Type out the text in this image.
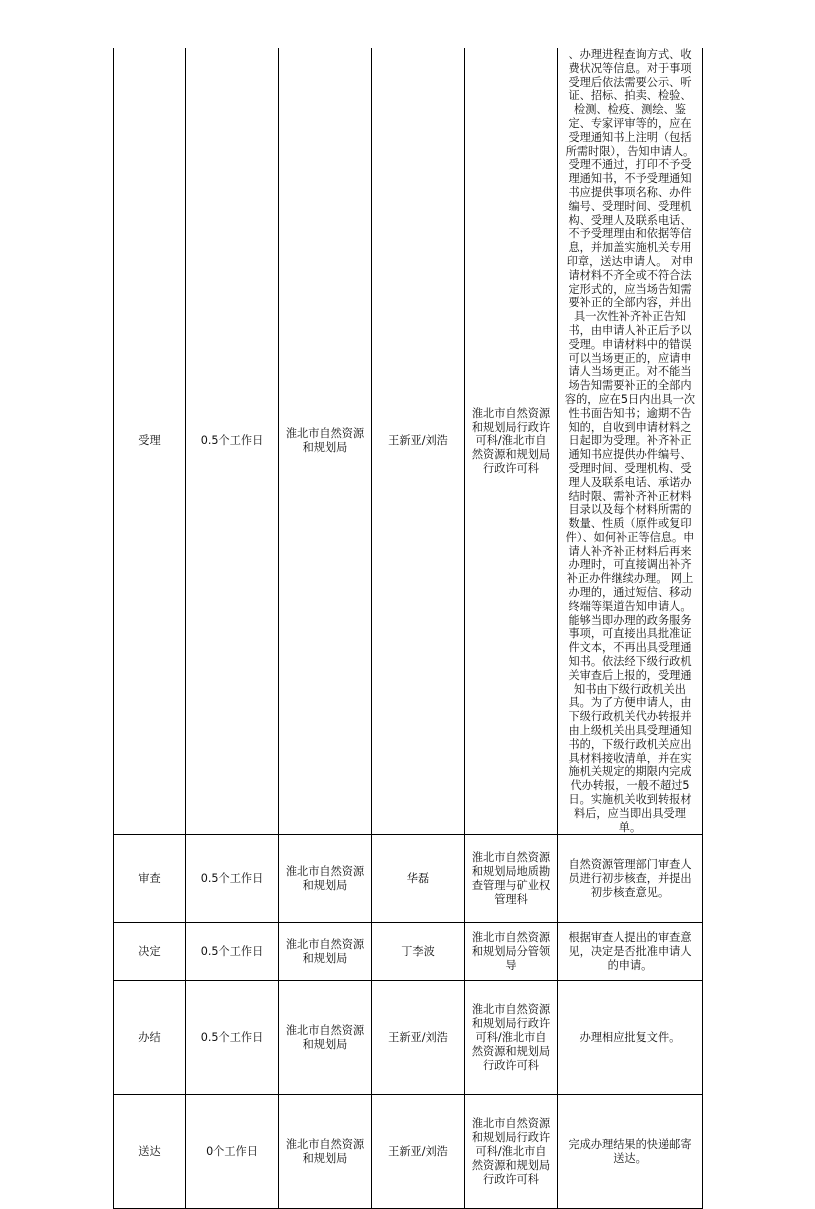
受理	0.5个工作日	淮北市自然资源和规划局	王新亚/刘浩	淮北市自然资源和规划局行政许可科/淮北市自然资源和规划局行政许可科	、办理进程查询方式、收费状况等信息。对于事项受理后依法需要公示、听证、招标、拍卖、检验、检测、检疫、测绘、鉴定、专家评审等的，应在受理通知书上注明（包括所需时限），告知申请人。 受理不通过，打印不予受理通知书，不予受理通知书应提供事项名称、办件编号、受理时间、受理机构、受理人及联系电话、不予受理理由和依据等信息，并加盖实施机关专用印章，送达申请人。 对申请材料不齐全或不符合法定形式的，应当场告知需要补正的全部内容，并出具一次性补齐补正告知书，由申请人补正后予以受理。申请材料中的错误可以当场更正的，应请申请人当场更正。对不能当场告知需要补正的全部内容的，应在5日内出具一次性书面告知书；逾期不告知的，自收到申请材料之日起即为受理。补齐补正通知书应提供办件编号、受理时间、受理机构、受理人及联系电话、承诺办结时限、需补齐补正材料目录以及每个材料所需的数量、性质（原件或复印件）、如何补正等信息。申请人补齐补正材料后再来办理时，可直接调出补齐补正办件继续办理。 网上办理的，通过短信、移动终端等渠道告知申请人。 能够当即办理的政务服务事项，可直接出具批准证件文本，不再出具受理通知书。依法经下级行政机关审查后上报的，受理通知书由下级行政机关出具。为了方便申请人，由下级行政机关代办转报并由上级机关出具受理通知书的，下级行政机关应出具材料接收清单，并在实施机关规定的期限内完成代办转报，一般不超过5日。实施机关收到转报材料后，应当即出具受理单。
审查	0.5个工作日	淮北市自然资源和规划局	华磊	淮北市自然资源和规划局地质勘查管理与矿业权管理科	自然资源管理部门审查人员进行初步核查，并提出初步核查意见。
决定	0.5个工作日	淮北市自然资源和规划局	丁李波	淮北市自然资源和规划局分管领导	根据审查人提出的审查意见，决定是否批准申请人的申请。
办结	0.5个工作日	淮北市自然资源和规划局	王新亚/刘浩	淮北市自然资源和规划局行政许可科/淮北市自然资源和规划局行政许可科	办理相应批复文件。
送达	0个工作日	淮北市自然资源和规划局	王新亚/刘浩	淮北市自然资源和规划局行政许可科/淮北市自然资源和规划局行政许可科	完成办理结果的快递邮寄送达。
